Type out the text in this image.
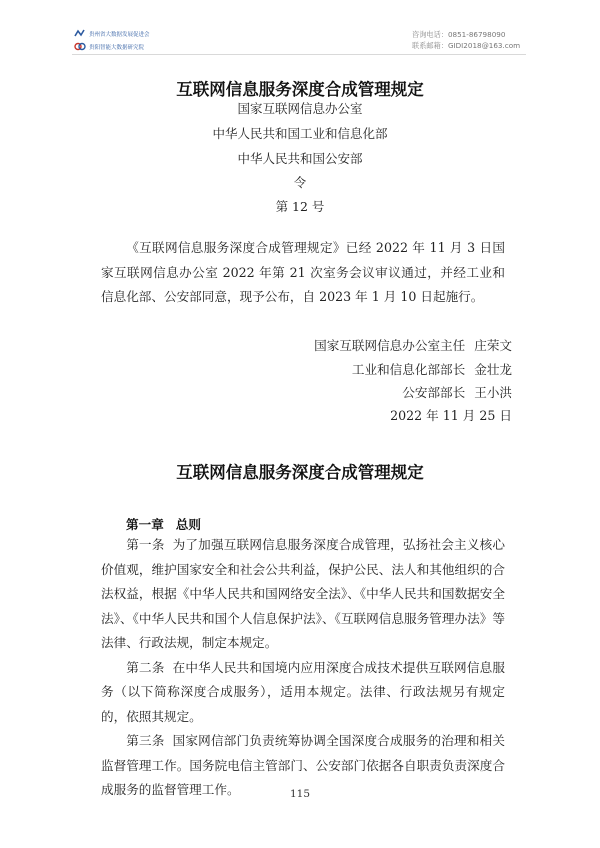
贵州省大数据发展促进会
贵阳智能大数据研究院
咨询电话：0851-86798090
联系邮箱：GIDI2018@163.com
互联网信息服务深度合成管理规定
国家互联网信息办公室
中华人民共和国工业和信息化部
中华人民共和国公安部
令
第 12 号

《互联网信息服务深度合成管理规定》已经 2022 年 11 月 3 日国家互联网信息办公室 2022 年第 21 次室务会议审议通过，并经工业和信息化部、公安部同意，现予公布，自 2023 年 1 月 10 日起施行。

国家互联网信息办公室主任 庄荣文
工业和信息化部部长 金壮龙
公安部部长 王小洪
2022 年 11 月 25 日
互联网信息服务深度合成管理规定
第一章 总则

第一条 为了加强互联网信息服务深度合成管理，弘扬社会主义核心价值观，维护国家安全和社会公共利益，保护公民、法人和其他组织的合法权益，根据《中华人民共和国网络安全法》、《中华人民共和国数据安全法》、《中华人民共和国个人信息保护法》、《互联网信息服务管理办法》等法律、行政法规，制定本规定。

第二条 在中华人民共和国境内应用深度合成技术提供互联网信息服务（以下简称深度合成服务），适用本规定。法律、行政法规另有规定的，依照其规定。

第三条 国家网信部门负责统筹协调全国深度合成服务的治理和相关监督管理工作。国务院电信主管部门、公安部门依据各自职责负责深度合成服务的监督管理工作。	115
